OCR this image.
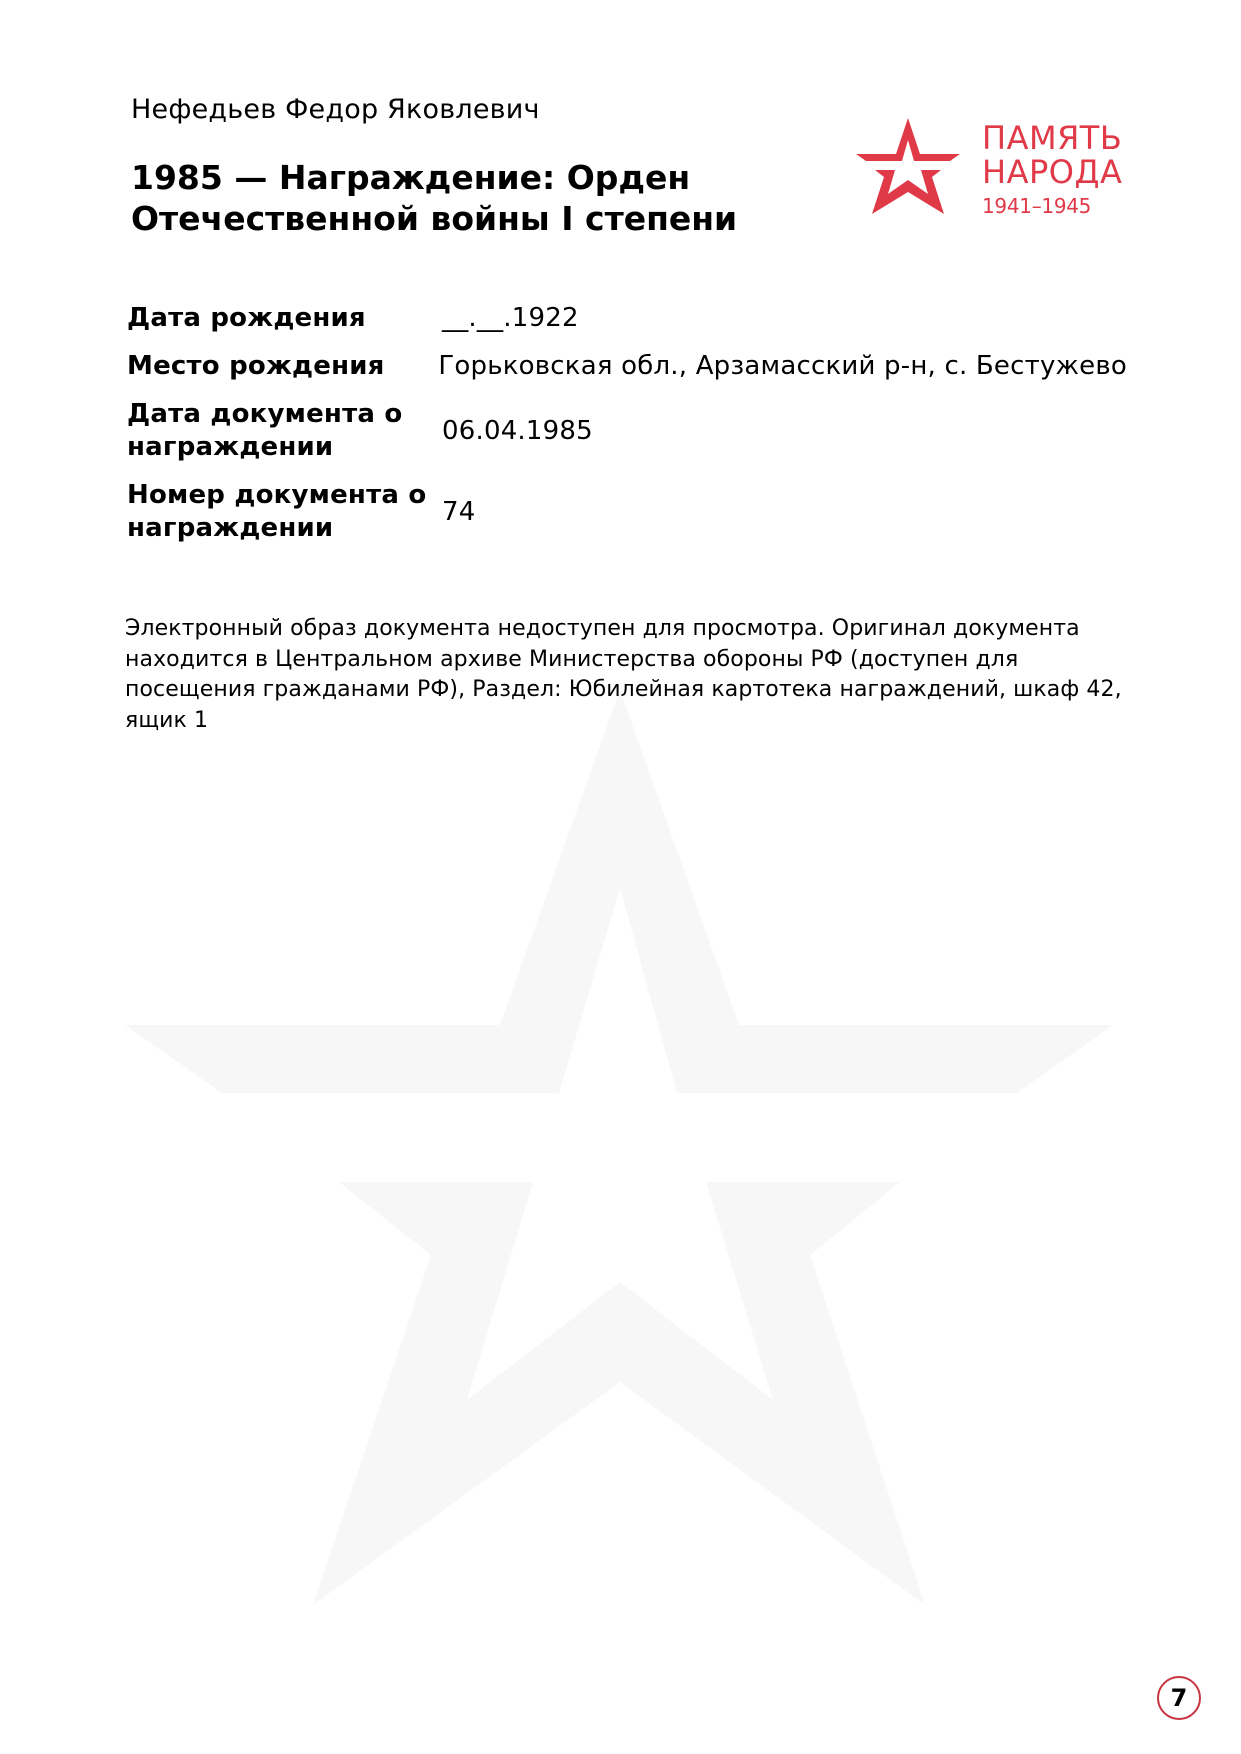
Нефедьев Федор Яковлевич
1985 — Награждение: Орден Отечественной войны I степени
ПАМЯТЬ
НАРОДА
1941–1945
Дата рождения	__.__.1922
Место рождения	Горьковская обл., Арзамасский р-н, с. Бестужево
Дата документа о награждении
06.04.1985
Номер документа о награждении
74
Электронный образ документа недоступен для просмотра. Оригинал документа находится в Центральном архиве Министерства обороны РФ (доступен для посещения гражданами РФ), Раздел: Юбилейная картотека награждений, шкаф 42, ящик 1
7
